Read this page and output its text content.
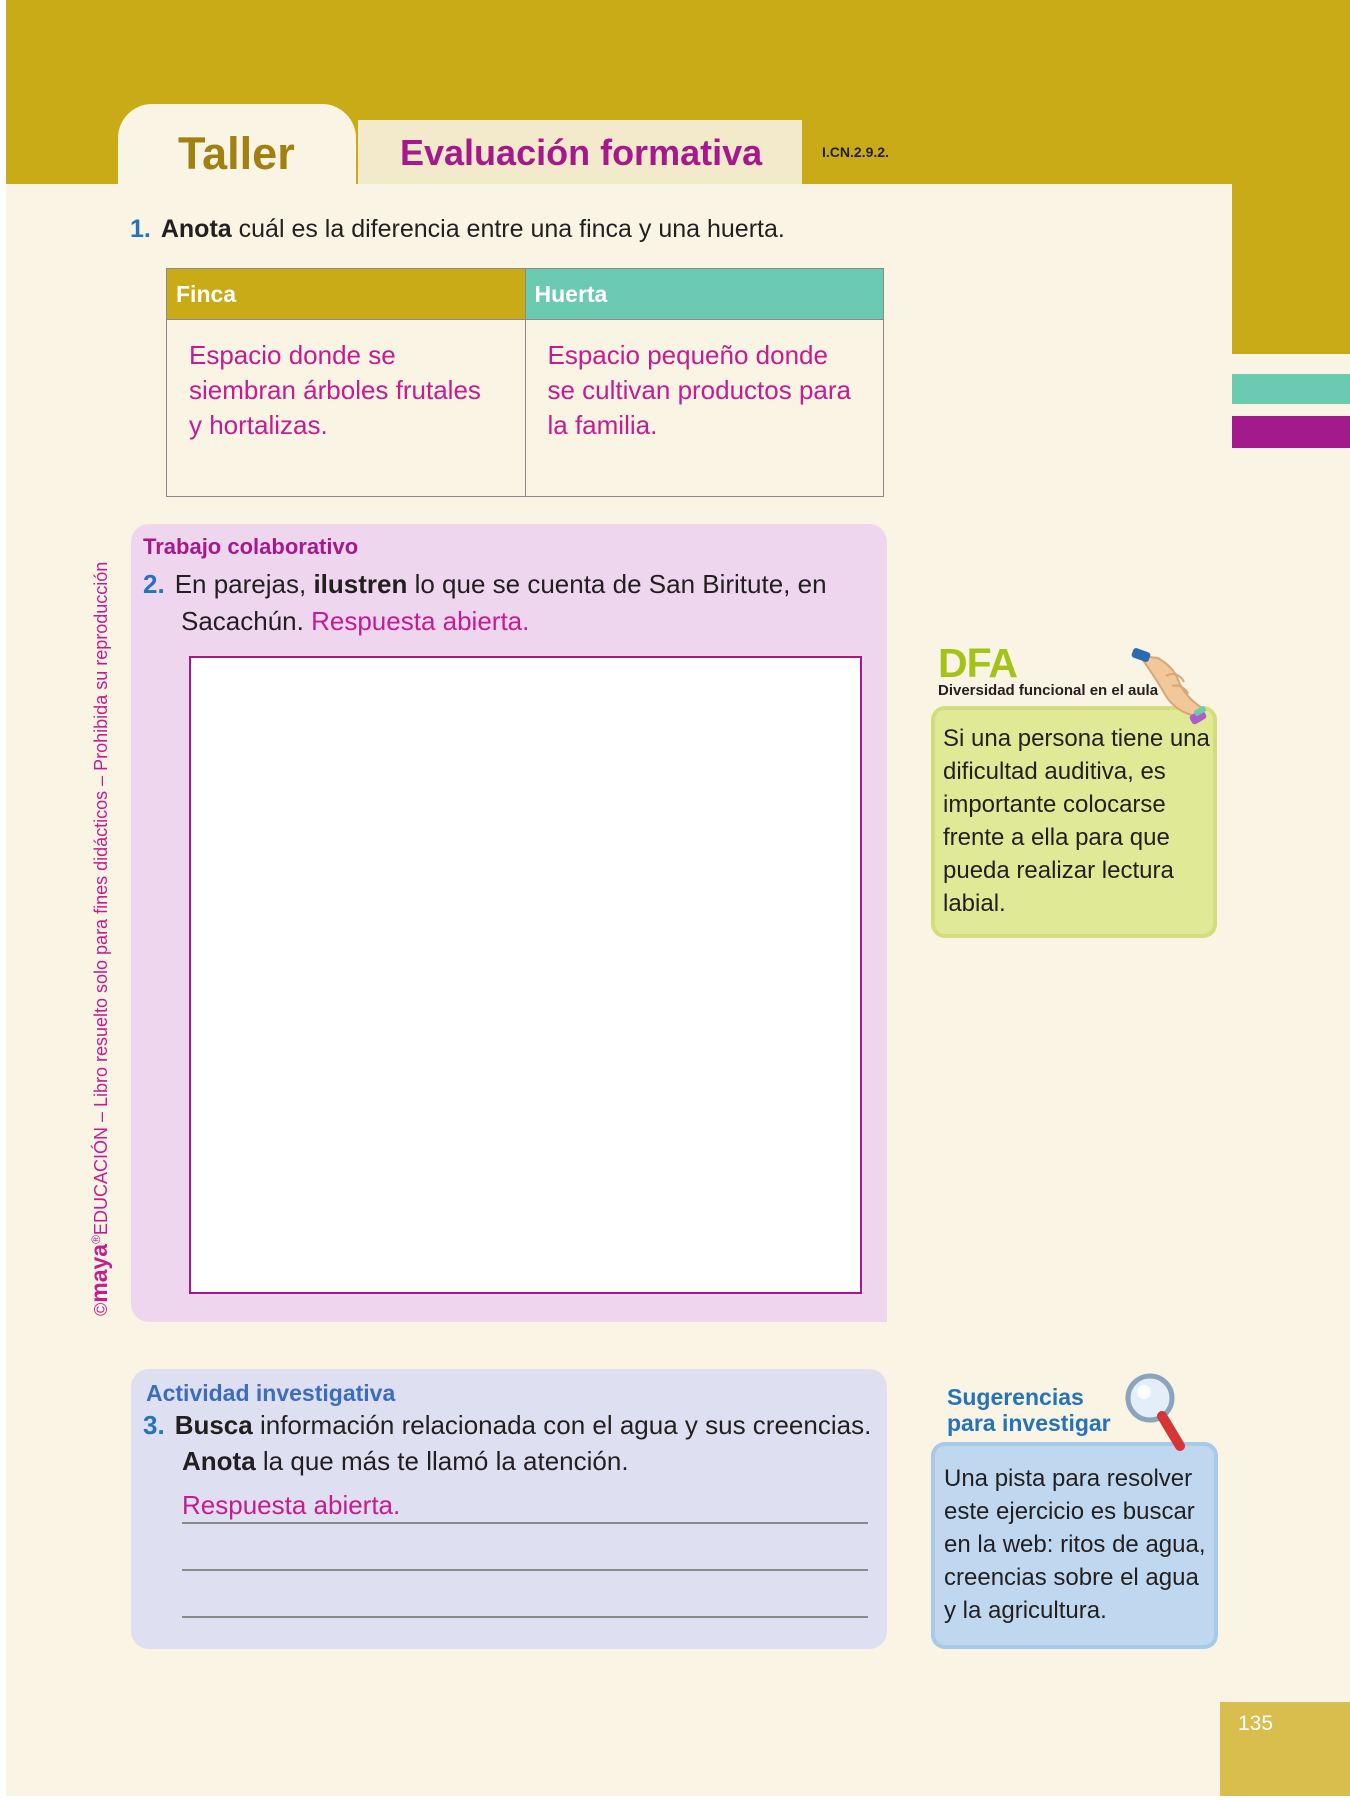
Taller	Evaluación formativa	I.CN.2.9.2.
1. Anota cuál es la diferencia entre una finca y una huerta.
Finca	Huerta
Espacio donde se siembran árboles frutales y hortalizas.	Espacio pequeño donde se cultivan productos para la familia.
©maya®EDUCACIÓN – Libro resuelto solo para fines didácticos – Prohibida su reproducción
Trabajo colaborativo
2. En parejas, ilustren lo que se cuenta de San Biritute, en Sacachún. Respuesta abierta.
Actividad investigativa
3. Busca información relacionada con el agua y sus creencias.
Anota la que más te llamó la atención.
Respuesta abierta.
DFA
Diversidad funcional en el aula
Si una persona tiene una dificultad auditiva, es importante colocarse frente a ella para que pueda realizar lectura labial.
Sugerencias
para investigar
Una pista para resolver este ejercicio es buscar en la web: ritos de agua, creencias sobre el agua y la agricultura.
135
